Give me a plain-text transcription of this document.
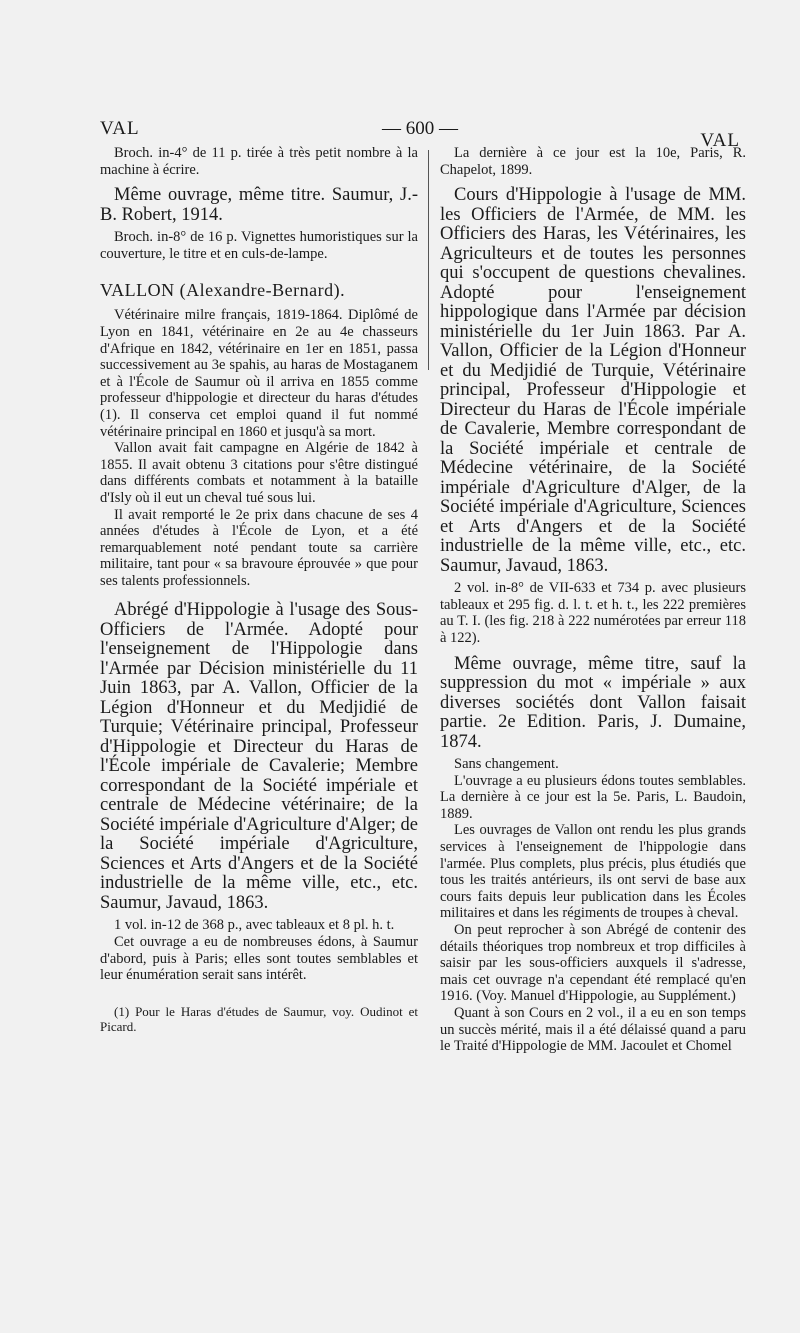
VAL	— 600 —
VAL

Broch. in-4° de 11 p. tirée à très petit nombre à la machine à écrire.

Même ouvrage, même titre. Saumur, J.-B. Robert, 1914.

Broch. in-8° de 16 p. Vignettes humoristiques sur la couverture, le titre et en culs-de-lampe.

VALLON (Alexandre-Bernard).

Vétérinaire milre français, 1819-1864. Diplômé de Lyon en 1841, vétérinaire en 2e au 4e chasseurs d'Afrique en 1842, vétérinaire en 1er en 1851, passa successivement au 3e spahis, au haras de Mostaganem et à l'École de Saumur où il arriva en 1855 comme professeur d'hippologie et directeur du haras d'études (1). Il conserva cet emploi quand il fut nommé vétérinaire principal en 1860 et jusqu'à sa mort.

Vallon avait fait campagne en Algérie de 1842 à 1855. Il avait obtenu 3 citations pour s'être distingué dans différents combats et notamment à la bataille d'Isly où il eut un cheval tué sous lui.

Il avait remporté le 2e prix dans chacune de ses 4 années d'études à l'École de Lyon, et a été remarquablement noté pendant toute sa carrière militaire, tant pour « sa bravoure éprouvée » que pour ses talents professionnels.

Abrégé d'Hippologie à l'usage des Sous-Officiers de l'Armée. Adopté pour l'enseignement de l'Hippologie dans l'Armée par Décision ministérielle du 11 Juin 1863, par A. Vallon, Officier de la Légion d'Honneur et du Medjidié de Turquie; Vétérinaire principal, Professeur d'Hippologie et Directeur du Haras de l'École impériale de Cavalerie; Membre correspondant de la Société impériale et centrale de Médecine vétérinaire; de la Société impériale d'Agriculture d'Alger; de la Société impériale d'Agriculture, Sciences et Arts d'Angers et de la Société industrielle de la même ville, etc., etc. Saumur, Javaud, 1863.

1 vol. in-12 de 368 p., avec tableaux et 8 pl. h. t.

Cet ouvrage a eu de nombreuses édons, à Saumur d'abord, puis à Paris; elles sont toutes semblables et leur énumération serait sans intérêt.

(1) Pour le Haras d'études de Saumur, voy. Oudinot et Picard.

La dernière à ce jour est la 10e, Paris, R. Chapelot, 1899.

Cours d'Hippologie à l'usage de MM. les Officiers de l'Armée, de MM. les Officiers des Haras, les Vétérinaires, les Agriculteurs et de toutes les personnes qui s'occupent de questions chevalines. Adopté pour l'enseignement hippologique dans l'Armée par décision ministérielle du 1er Juin 1863. Par A. Vallon, Officier de la Légion d'Honneur et du Medjidié de Turquie, Vétérinaire principal, Professeur d'Hippologie et Directeur du Haras de l'École impériale de Cavalerie, Membre correspondant de la Société impériale et centrale de Médecine vétérinaire, de la Société impériale d'Agriculture d'Alger, de la Société impériale d'Agriculture, Sciences et Arts d'Angers et de la Société industrielle de la même ville, etc., etc. Saumur, Javaud, 1863.

2 vol. in-8° de VII-633 et 734 p. avec plusieurs tableaux et 295 fig. d. l. t. et h. t., les 222 premières au T. I. (les fig. 218 à 222 numérotées par erreur 118 à 122).

Même ouvrage, même titre, sauf la suppression du mot « impériale » aux diverses sociétés dont Vallon faisait partie. 2e Edition. Paris, J. Dumaine, 1874.

Sans changement.

L'ouvrage a eu plusieurs édons toutes semblables. La dernière à ce jour est la 5e. Paris, L. Baudoin, 1889.

Les ouvrages de Vallon ont rendu les plus grands services à l'enseignement de l'hippologie dans l'armée. Plus complets, plus précis, plus étudiés que tous les traités antérieurs, ils ont servi de base aux cours faits depuis leur publication dans les Écoles militaires et dans les régiments de troupes à cheval.

On peut reprocher à son Abrégé de contenir des détails théoriques trop nombreux et trop difficiles à saisir par les sous-officiers auxquels il s'adresse, mais cet ouvrage n'a cependant été remplacé qu'en 1916. (Voy. Manuel d'Hippologie, au Supplément.)

Quant à son Cours en 2 vol., il a eu en son temps un succès mérité, mais il a été délaissé quand a paru le Traité d'Hippologie de MM. Jacoulet et Chomel
